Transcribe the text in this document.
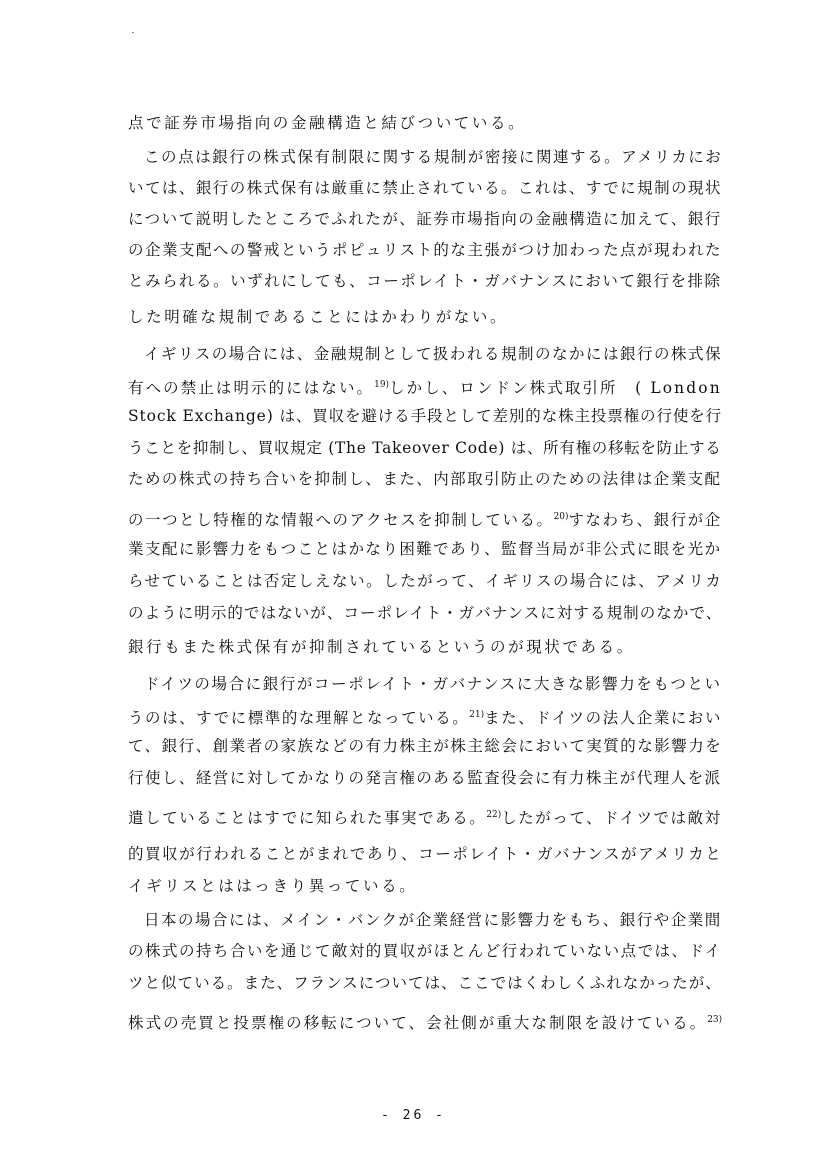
点で証券市場指向の金融構造と結びついている。
この点は銀行の株式保有制限に関する規制が密接に関連する。アメリカにお
いては、銀行の株式保有は厳重に禁止されている。これは、すでに規制の現状
について説明したところでふれたが、証券市場指向の金融構造に加えて、銀行
の企業支配への警戒というポピュリスト的な主張がつけ加わった点が現われた
とみられる。いずれにしても、コーポレイト・ガバナンスにおいて銀行を排除
した明確な規制であることにはかわりがない。
イギリスの場合には、金融規制として扱われる規制のなかには銀行の株式保
有への禁止は明示的にはない。$^{19)}$しかし、ロンドン株式取引所　( London
Stock Exchange) は、買収を避ける手段として差別的な株主投票権の行使を行
うことを抑制し、買収規定 (The Takeover Code) は、所有権の移転を防止する
ための株式の持ち合いを抑制し、また、内部取引防止のための法律は企業支配
の一つとし特権的な情報へのアクセスを抑制している。$^{20)}$すなわち、銀行が企
業支配に影響力をもつことはかなり困難であり、監督当局が非公式に眼を光か
らせていることは否定しえない。したがって、イギリスの場合には、アメリカ
のように明示的ではないが、コーポレイト・ガバナンスに対する規制のなかで、
銀行もまた株式保有が抑制されているというのが現状である。
ドイツの場合に銀行がコーポレイト・ガバナンスに大きな影響力をもつとい
うのは、すでに標準的な理解となっている。$^{21)}$また、ドイツの法人企業におい
て、銀行、創業者の家族などの有力株主が株主総会において実質的な影響力を
行使し、経営に対してかなりの発言権のある監査役会に有力株主が代理人を派
遣していることはすでに知られた事実である。$^{22)}$したがって、ドイツでは敵対
的買収が行われることがまれであり、コーポレイト・ガバナンスがアメリカと
イギリスとははっきり異っている。
日本の場合には、メイン・バンクが企業経営に影響力をもち、銀行や企業間
の株式の持ち合いを通じて敵対的買収がほとんど行われていない点では、ドイ
ツと似ている。また、フランスについては、ここではくわしくふれなかったが、
株式の売買と投票権の移転について、会社側が重大な制限を設けている。$^{23)}$
- 26 -
